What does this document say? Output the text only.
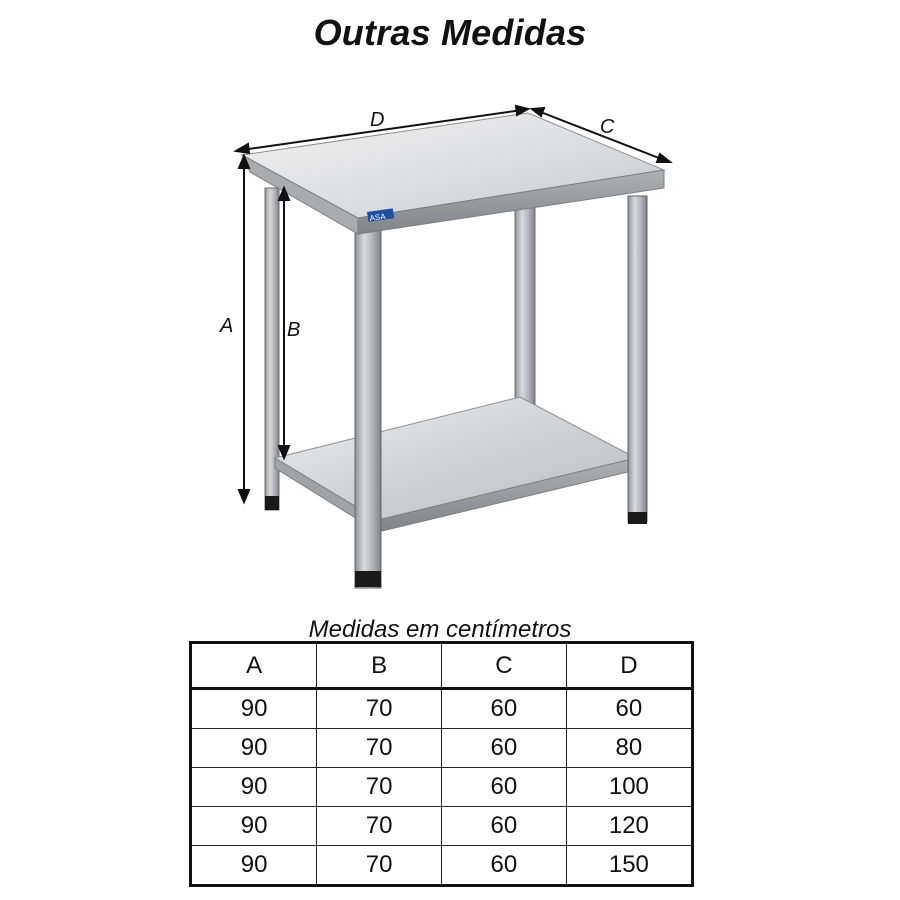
Outras Medidas
ASA
D	C
A	B
Medidas em centímetros
A	B	C	D
90	70	60	60
90	70	60	80
90	70	60	100
90	70	60	120
90	70	60	150
